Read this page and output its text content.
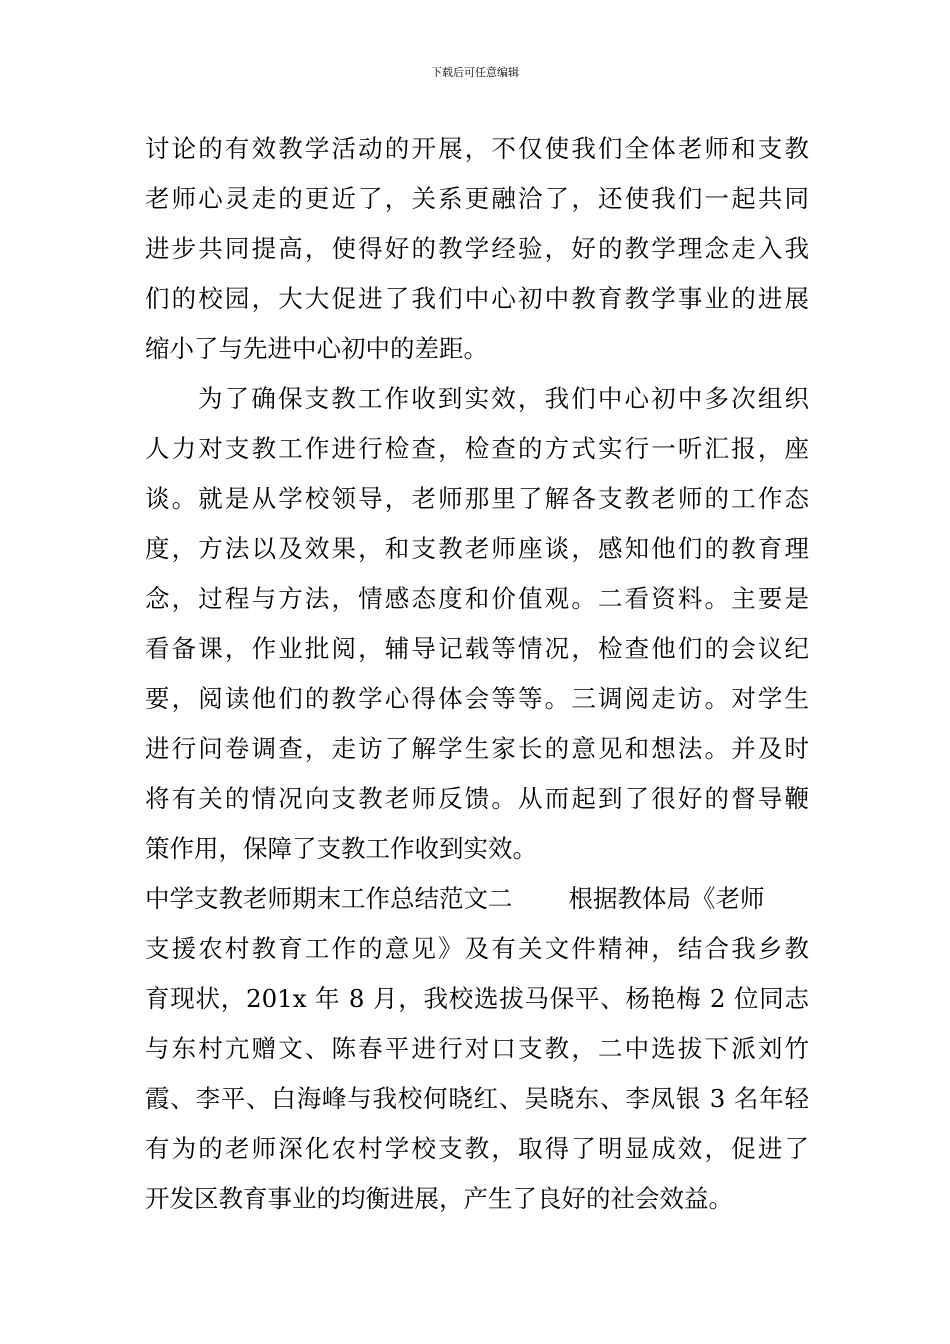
下载后可任意编辑
讨论的有效教学活动的开展，不仅使我们全体老师和支教
老师心灵走的更近了，关系更融洽了，还使我们一起共同
进步共同提高，使得好的教学经验，好的教学理念走入我
们的校园，大大促进了我们中心初中教育教学事业的进展
缩小了与先进中心初中的差距。
为了确保支教工作收到实效，我们中心初中多次组织
人力对支教工作进行检查，检查的方式实行一听汇报，座
谈。就是从学校领导，老师那里了解各支教老师的工作态
度，方法以及效果，和支教老师座谈，感知他们的教育理
念，过程与方法，情感态度和价值观。二看资料。主要是
看备课，作业批阅，辅导记载等情况，检查他们的会议纪
要，阅读他们的教学心得体会等等。三调阅走访。对学生
进行问卷调查，走访了解学生家长的意见和想法。并及时
将有关的情况向支教老师反馈。从而起到了很好的督导鞭
策作用，保障了支教工作收到实效。
中学支教老师期末工作总结范文二 根据教体局《老师
支援农村教育工作的意见》及有关文件精神，结合我乡教
育现状，201x 年 8 月，我校选拔马保平、杨艳梅 2 位同志
与东村亢赠文、陈春平进行对口支教，二中选拔下派刘竹
霞、李平、白海峰与我校何晓红、吴晓东、李凤银 3 名年轻
有为的老师深化农村学校支教，取得了明显成效，促进了
开发区教育事业的均衡进展，产生了良好的社会效益。
